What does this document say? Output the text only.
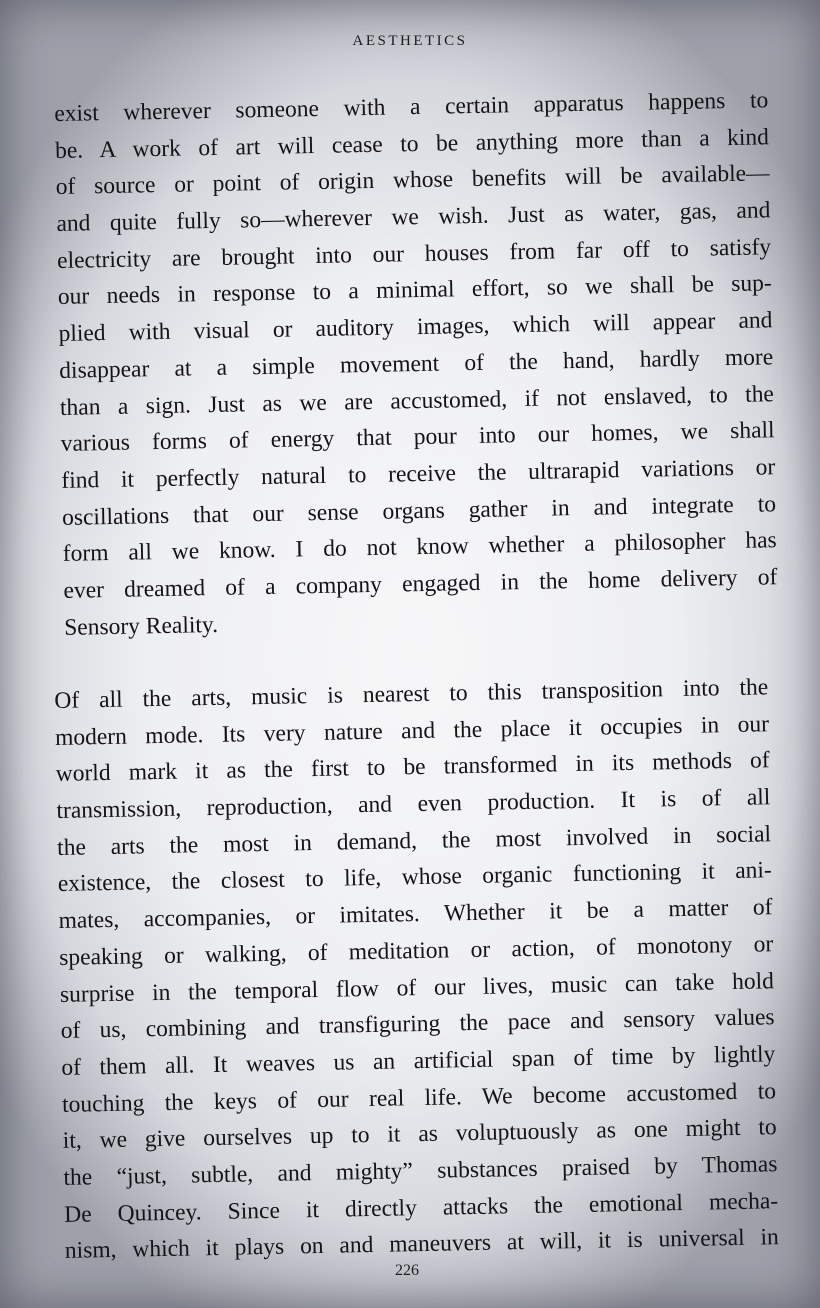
AESTHETICS
exist wherever someone with a certain apparatus happens to
be. A work of art will cease to be anything more than a kind
of source or point of origin whose benefits will be available—
and quite fully so—wherever we wish. Just as water, gas, and
electricity are brought into our houses from far off to satisfy
our needs in response to a minimal effort, so we shall be sup-
plied with visual or auditory images, which will appear and
disappear at a simple movement of the hand, hardly more
than a sign. Just as we are accustomed, if not enslaved, to the
various forms of energy that pour into our homes, we shall
find it perfectly natural to receive the ultrarapid variations or
oscillations that our sense organs gather in and integrate to
form all we know. I do not know whether a philosopher has
ever dreamed of a company engaged in the home delivery of
Sensory Reality.
Of all the arts, music is nearest to this transposition into the
modern mode. Its very nature and the place it occupies in our
world mark it as the first to be transformed in its methods of
transmission, reproduction, and even production. It is of all
the arts the most in demand, the most involved in social
existence, the closest to life, whose organic functioning it ani-
mates, accompanies, or imitates. Whether it be a matter of
speaking or walking, of meditation or action, of monotony or
surprise in the temporal flow of our lives, music can take hold
of us, combining and transfiguring the pace and sensory values
of them all. It weaves us an artificial span of time by lightly
touching the keys of our real life. We become accustomed to
it, we give ourselves up to it as voluptuously as one might to
the “just, subtle, and mighty” substances praised by Thomas
De Quincey. Since it directly attacks the emotional mecha-
nism, which it plays on and maneuvers at will, it is universal in
226
